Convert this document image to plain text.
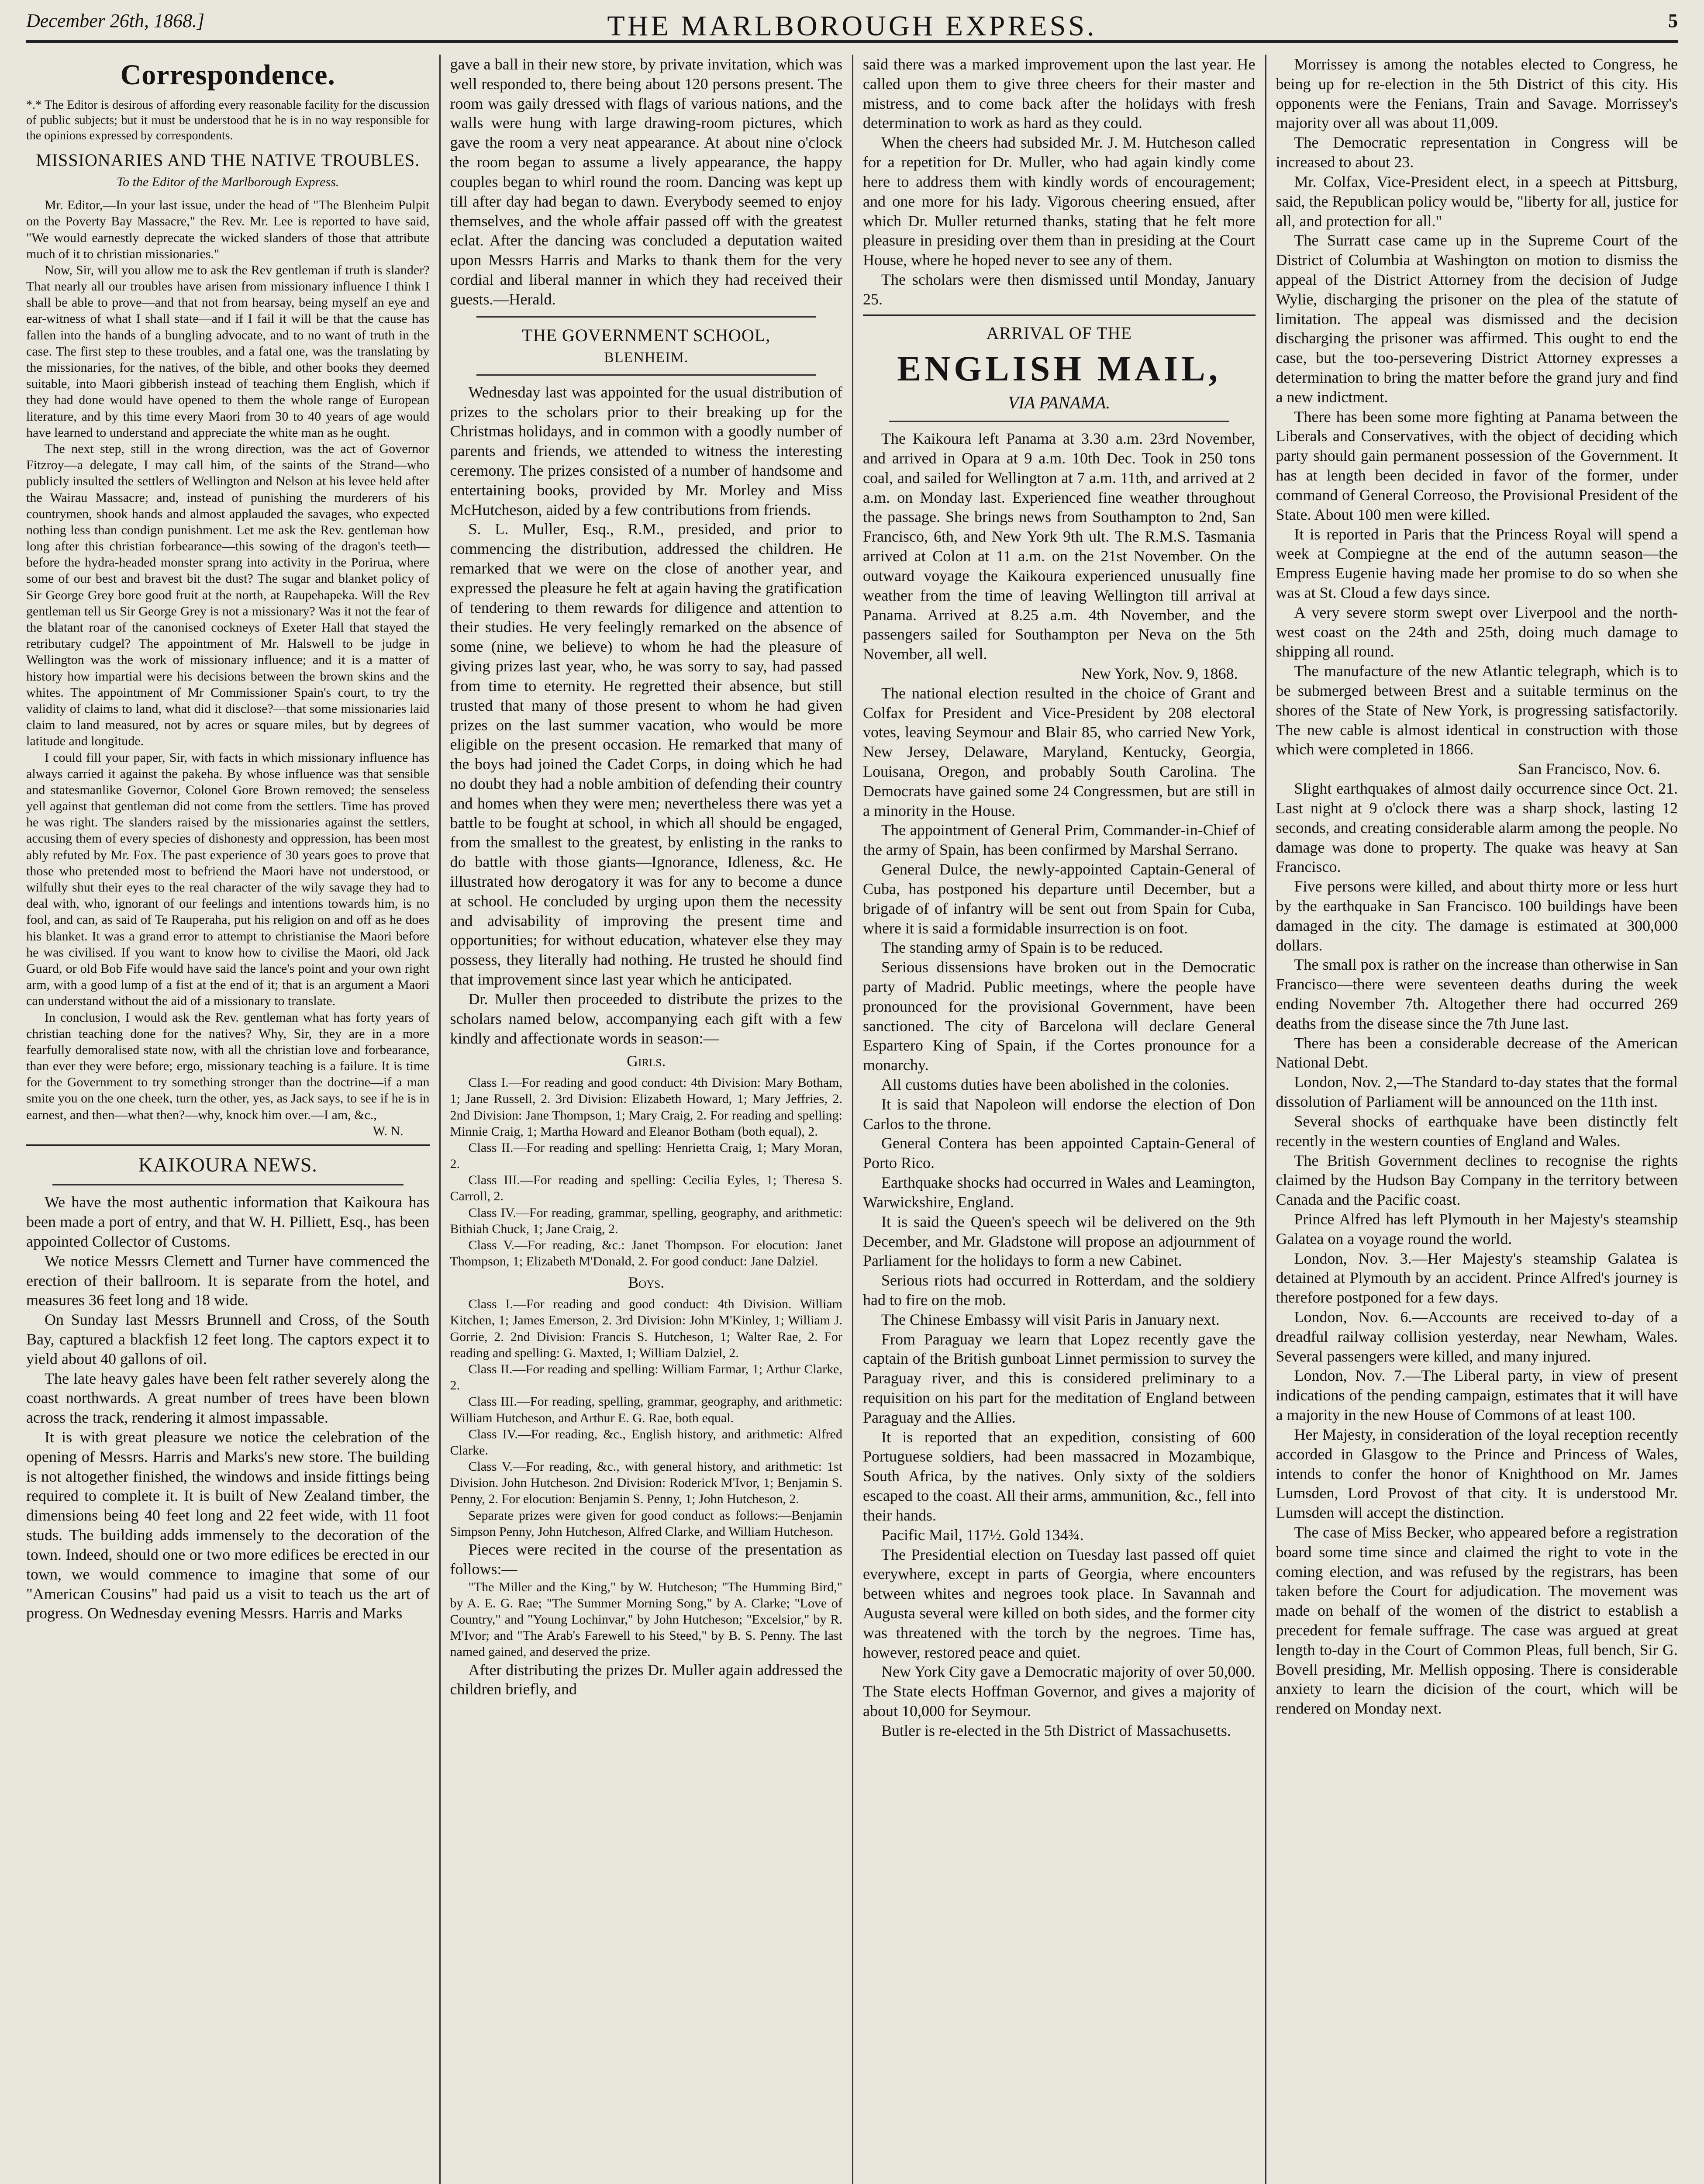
December 26th, 1868.]	THE MARLBOROUGH EXPRESS.	5
Correspondence.

*.* The Editor is desirous of affording every reasonable facility for the discussion of public subjects; but it must be understood that he is in no way responsible for the opinions expressed by correspondents.

MISSIONARIES AND THE NATIVE TROUBLES.
To the Editor of the Marlborough Express.

Mr. Editor,—In your last issue, under the head of "The Blenheim Pulpit on the Poverty Bay Massacre," the Rev. Mr. Lee is reported to have said, "We would earnestly deprecate the wicked slanders of those that attribute much of it to christian missionaries."

Now, Sir, will you allow me to ask the Rev gentleman if truth is slander? That nearly all our troubles have arisen from missionary influence I think I shall be able to prove—and that not from hearsay, being myself an eye and ear-witness of what I shall state—and if I fail it will be that the cause has fallen into the hands of a bungling advocate, and to no want of truth in the case. The first step to these troubles, and a fatal one, was the translating by the missionaries, for the natives, of the bible, and other books they deemed suitable, into Maori gibberish instead of teaching them English, which if they had done would have opened to them the whole range of European literature, and by this time every Maori from 30 to 40 years of age would have learned to understand and appreciate the white man as he ought.

The next step, still in the wrong direction, was the act of Governor Fitzroy—a delegate, I may call him, of the saints of the Strand—who publicly insulted the settlers of Wellington and Nelson at his levee held after the Wairau Massacre; and, instead of punishing the murderers of his countrymen, shook hands and almost applauded the savages, who expected nothing less than condign punishment. Let me ask the Rev. gentleman how long after this christian forbearance—this sowing of the dragon's teeth—before the hydra-headed monster sprang into activity in the Porirua, where some of our best and bravest bit the dust? The sugar and blanket policy of Sir George Grey bore good fruit at the north, at Raupehapeka. Will the Rev gentleman tell us Sir George Grey is not a missionary? Was it not the fear of the blatant roar of the canonised cockneys of Exeter Hall that stayed the retributary cudgel? The appointment of Mr. Halswell to be judge in Wellington was the work of missionary influence; and it is a matter of history how impartial were his decisions between the brown skins and the whites. The appointment of Mr Commissioner Spain's court, to try the validity of claims to land, what did it disclose?—that some missionaries laid claim to land measured, not by acres or square miles, but by degrees of latitude and longitude.

I could fill your paper, Sir, with facts in which missionary influence has always carried it against the pakeha. By whose influence was that sensible and statesmanlike Governor, Colonel Gore Brown removed; the senseless yell against that gentleman did not come from the settlers. Time has proved he was right. The slanders raised by the missionaries against the settlers, accusing them of every species of dishonesty and oppression, has been most ably refuted by Mr. Fox. The past experience of 30 years goes to prove that those who pretended most to befriend the Maori have not understood, or wilfully shut their eyes to the real character of the wily savage they had to deal with, who, ignorant of our feelings and intentions towards him, is no fool, and can, as said of Te Rauperaha, put his religion on and off as he does his blanket. It was a grand error to attempt to christianise the Maori before he was civilised. If you want to know how to civilise the Maori, old Jack Guard, or old Bob Fife would have said the lance's point and your own right arm, with a good lump of a fist at the end of it; that is an argument a Maori can understand without the aid of a missionary to translate.

In conclusion, I would ask the Rev. gentleman what has forty years of christian teaching done for the natives? Why, Sir, they are in a more fearfully demoralised state now, with all the christian love and forbearance, than ever they were before; ergo, missionary teaching is a failure. It is time for the Government to try something stronger than the doctrine—if a man smite you on the one cheek, turn the other, yes, as Jack says, to see if he is in earnest, and then—what then?—why, knock him over.—I am, &c.,

W. N.

KAIKOURA NEWS.

We have the most authentic information that Kaikoura has been made a port of entry, and that W. H. Pilliett, Esq., has been appointed Collector of Customs.

We notice Messrs Clemett and Turner have commenced the erection of their ballroom. It is separate from the hotel, and measures 36 feet long and 18 wide.

On Sunday last Messrs Brunnell and Cross, of the South Bay, captured a blackfish 12 feet long. The captors expect it to yield about 40 gallons of oil.

The late heavy gales have been felt rather severely along the coast northwards. A great number of trees have been blown across the track, rendering it almost impassable.

It is with great pleasure we notice the celebration of the opening of Messrs. Harris and Marks's new store. The building is not altogether finished, the windows and inside fittings being required to complete it. It is built of New Zealand timber, the dimensions being 40 feet long and 22 feet wide, with 11 foot studs. The building adds immensely to the decoration of the town. Indeed, should one or two more edifices be erected in our town, we would commence to imagine that some of our "American Cousins" had paid us a visit to teach us the art of progress. On Wednesday evening Messrs. Harris and Marks

gave a ball in their new store, by private invitation, which was well responded to, there being about 120 persons present. The room was gaily dressed with flags of various nations, and the walls were hung with large drawing-room pictures, which gave the room a very neat appearance. At about nine o'clock the room began to assume a lively appearance, the happy couples began to whirl round the room. Dancing was kept up till after day had began to dawn. Everybody seemed to enjoy themselves, and the whole affair passed off with the greatest eclat. After the dancing was concluded a deputation waited upon Messrs Harris and Marks to thank them for the very cordial and liberal manner in which they had received their guests.—Herald.

THE GOVERNMENT SCHOOL,
BLENHEIM.

Wednesday last was appointed for the usual distribution of prizes to the scholars prior to their breaking up for the Christmas holidays, and in common with a goodly number of parents and friends, we attended to witness the interesting ceremony. The prizes consisted of a number of handsome and entertaining books, provided by Mr. Morley and Miss McHutcheson, aided by a few contributions from friends.

S. L. Muller, Esq., R.M., presided, and prior to commencing the distribution, addressed the children. He remarked that we were on the close of another year, and expressed the pleasure he felt at again having the gratification of tendering to them rewards for diligence and attention to their studies. He very feelingly remarked on the absence of some (nine, we believe) to whom he had the pleasure of giving prizes last year, who, he was sorry to say, had passed from time to eternity. He regretted their absence, but still trusted that many of those present to whom he had given prizes on the last summer vacation, who would be more eligible on the present occasion. He remarked that many of the boys had joined the Cadet Corps, in doing which he had no doubt they had a noble ambition of defending their country and homes when they were men; nevertheless there was yet a battle to be fought at school, in which all should be engaged, from the smallest to the greatest, by enlisting in the ranks to do battle with those giants—Ignorance, Idleness, &c. He illustrated how derogatory it was for any to become a dunce at school. He concluded by urging upon them the necessity and advisability of improving the present time and opportunities; for without education, whatever else they may possess, they literally had nothing. He trusted he should find that improvement since last year which he anticipated.

Dr. Muller then proceeded to distribute the prizes to the scholars named below, accompanying each gift with a few kindly and affectionate words in season:—

Girls.

Class I.—For reading and good conduct: 4th Division: Mary Botham, 1; Jane Russell, 2. 3rd Division: Elizabeth Howard, 1; Mary Jeffries, 2. 2nd Division: Jane Thompson, 1; Mary Craig, 2. For reading and spelling: Minnie Craig, 1; Martha Howard and Eleanor Botham (both equal), 2.

Class II.—For reading and spelling: Henrietta Craig, 1; Mary Moran, 2.

Class III.—For reading and spelling: Cecilia Eyles, 1; Theresa S. Carroll, 2.

Class IV.—For reading, grammar, spelling, geography, and arithmetic: Bithiah Chuck, 1; Jane Craig, 2.

Class V.—For reading, &c.: Janet Thompson. For elocution: Janet Thompson, 1; Elizabeth M'Donald, 2. For good conduct: Jane Dalziel.

Boys.

Class I.—For reading and good conduct: 4th Division. William Kitchen, 1; James Emerson, 2. 3rd Division: John M'Kinley, 1; William J. Gorrie, 2. 2nd Division: Francis S. Hutcheson, 1; Walter Rae, 2. For reading and spelling: G. Maxted, 1; William Dalziel, 2.

Class II.—For reading and spelling: William Farmar, 1; Arthur Clarke, 2.

Class III.—For reading, spelling, grammar, geography, and arithmetic: William Hutcheson, and Arthur E. G. Rae, both equal.

Class IV.—For reading, &c., English history, and arithmetic: Alfred Clarke.

Class V.—For reading, &c., with general history, and arithmetic: 1st Division. John Hutcheson. 2nd Division: Roderick M'Ivor, 1; Benjamin S. Penny, 2. For elocution: Benjamin S. Penny, 1; John Hutcheson, 2.

Separate prizes were given for good conduct as follows:—Benjamin Simpson Penny, John Hutcheson, Alfred Clarke, and William Hutcheson.

Pieces were recited in the course of the presentation as follows:—

"The Miller and the King," by W. Hutcheson; "The Humming Bird," by A. E. G. Rae; "The Summer Morning Song," by A. Clarke; "Love of Country," and "Young Lochinvar," by John Hutcheson; "Excelsior," by R. M'Ivor; and "The Arab's Farewell to his Steed," by B. S. Penny. The last named gained, and deserved the prize.

After distributing the prizes Dr. Muller again addressed the children briefly, and

said there was a marked improvement upon the last year. He called upon them to give three cheers for their master and mistress, and to come back after the holidays with fresh determination to work as hard as they could.

When the cheers had subsided Mr. J. M. Hutcheson called for a repetition for Dr. Muller, who had again kindly come here to address them with kindly words of encouragement; and one more for his lady. Vigorous cheering ensued, after which Dr. Muller returned thanks, stating that he felt more pleasure in presiding over them than in presiding at the Court House, where he hoped never to see any of them.

The scholars were then dismissed until Monday, January 25.

ARRIVAL OF THE
ENGLISH MAIL,
VIA PANAMA.

The Kaikoura left Panama at 3.30 a.m. 23rd November, and arrived in Opara at 9 a.m. 10th Dec. Took in 250 tons coal, and sailed for Wellington at 7 a.m. 11th, and arrived at 2 a.m. on Monday last. Experienced fine weather throughout the passage. She brings news from Southampton to 2nd, San Francisco, 6th, and New York 9th ult. The R.M.S. Tasmania arrived at Colon at 11 a.m. on the 21st November. On the outward voyage the Kaikoura experienced unusually fine weather from the time of leaving Wellington till arrival at Panama. Arrived at 8.25 a.m. 4th November, and the passengers sailed for Southampton per Neva on the 5th November, all well.

New York, Nov. 9, 1868.

The national election resulted in the choice of Grant and Colfax for President and Vice-President by 208 electoral votes, leaving Seymour and Blair 85, who carried New York, New Jersey, Delaware, Maryland, Kentucky, Georgia, Louisana, Oregon, and probably South Carolina. The Democrats have gained some 24 Congressmen, but are still in a minority in the House.

The appointment of General Prim, Commander-in-Chief of the army of Spain, has been confirmed by Marshal Serrano.

General Dulce, the newly-appointed Captain-General of Cuba, has postponed his departure until December, but a brigade of of infantry will be sent out from Spain for Cuba, where it is said a formidable insurrection is on foot.

The standing army of Spain is to be reduced.

Serious dissensions have broken out in the Democratic party of Madrid. Public meetings, where the people have pronounced for the provisional Government, have been sanctioned. The city of Barcelona will declare General Espartero King of Spain, if the Cortes pronounce for a monarchy.

All customs duties have been abolished in the colonies.

It is said that Napoleon will endorse the election of Don Carlos to the throne.

General Contera has been appointed Captain-General of Porto Rico.

Earthquake shocks had occurred in Wales and Leamington, Warwickshire, England.

It is said the Queen's speech wil be delivered on the 9th December, and Mr. Gladstone will propose an adjournment of Parliament for the holidays to form a new Cabinet.

Serious riots had occurred in Rotterdam, and the soldiery had to fire on the mob.

The Chinese Embassy will visit Paris in January next.

From Paraguay we learn that Lopez recently gave the captain of the British gunboat Linnet permission to survey the Paraguay river, and this is considered preliminary to a requisition on his part for the meditation of England between Paraguay and the Allies.

It is reported that an expedition, consisting of 600 Portuguese soldiers, had been massacred in Mozambique, South Africa, by the natives. Only sixty of the soldiers escaped to the coast. All their arms, ammunition, &c., fell into their hands.

Pacific Mail, 117½. Gold 134¾.

The Presidential election on Tuesday last passed off quiet everywhere, except in parts of Georgia, where encounters between whites and negroes took place. In Savannah and Augusta several were killed on both sides, and the former city was threatened with the torch by the negroes. Time has, however, restored peace and quiet.

New York City gave a Democratic majority of over 50,000. The State elects Hoffman Governor, and gives a majority of about 10,000 for Seymour.

Butler is re-elected in the 5th District of Massachusetts.

Morrissey is among the notables elected to Congress, he being up for re-election in the 5th District of this city. His opponents were the Fenians, Train and Savage. Morrissey's majority over all was about 11,009.

The Democratic representation in Congress will be increased to about 23.

Mr. Colfax, Vice-President elect, in a speech at Pittsburg, said, the Republican policy would be, "liberty for all, justice for all, and protection for all."

The Surratt case came up in the Supreme Court of the District of Columbia at Washington on motion to dismiss the appeal of the District Attorney from the decision of Judge Wylie, discharging the prisoner on the plea of the statute of limitation. The appeal was dismissed and the decision discharging the prisoner was affirmed. This ought to end the case, but the too-persevering District Attorney expresses a determination to bring the matter before the grand jury and find a new indictment.

There has been some more fighting at Panama between the Liberals and Conservatives, with the object of deciding which party should gain permanent possession of the Government. It has at length been decided in favor of the former, under command of General Correoso, the Provisional President of the State. About 100 men were killed.

It is reported in Paris that the Princess Royal will spend a week at Compiegne at the end of the autumn season—the Empress Eugenie having made her promise to do so when she was at St. Cloud a few days since.

A very severe storm swept over Liverpool and the north-west coast on the 24th and 25th, doing much damage to shipping all round.

The manufacture of the new Atlantic telegraph, which is to be submerged between Brest and a suitable terminus on the shores of the State of New York, is progressing satisfactorily. The new cable is almost identical in construction with those which were completed in 1866.

San Francisco, Nov. 6.

Slight earthquakes of almost daily occurrence since Oct. 21. Last night at 9 o'clock there was a sharp shock, lasting 12 seconds, and creating considerable alarm among the people. No damage was done to property. The quake was heavy at San Francisco.

Five persons were killed, and about thirty more or less hurt by the earthquake in San Francisco. 100 buildings have been damaged in the city. The damage is estimated at 300,000 dollars.

The small pox is rather on the increase than otherwise in San Francisco—there were seventeen deaths during the week ending November 7th. Altogether there had occurred 269 deaths from the disease since the 7th June last.

There has been a considerable decrease of the American National Debt.

London, Nov. 2,—The Standard to-day states that the formal dissolution of Parliament will be announced on the 11th inst.

Several shocks of earthquake have been distinctly felt recently in the western counties of England and Wales.

The British Government declines to recognise the rights claimed by the Hudson Bay Company in the territory between Canada and the Pacific coast.

Prince Alfred has left Plymouth in her Majesty's steamship Galatea on a voyage round the world.

London, Nov. 3.—Her Majesty's steamship Galatea is detained at Plymouth by an accident. Prince Alfred's journey is therefore postponed for a few days.

London, Nov. 6.—Accounts are received to-day of a dreadful railway collision yesterday, near Newham, Wales. Several passengers were killed, and many injured.

London, Nov. 7.—The Liberal party, in view of present indications of the pending campaign, estimates that it will have a majority in the new House of Commons of at least 100.

Her Majesty, in consideration of the loyal reception recently accorded in Glasgow to the Prince and Princess of Wales, intends to confer the honor of Knighthood on Mr. James Lumsden, Lord Provost of that city. It is understood Mr. Lumsden will accept the distinction.

The case of Miss Becker, who appeared before a registration board some time since and claimed the right to vote in the coming election, and was refused by the registrars, has been taken before the Court for adjudication. The movement was made on behalf of the women of the district to establish a precedent for female suffrage. The case was argued at great length to-day in the Court of Common Pleas, full bench, Sir G. Bovell presiding, Mr. Mellish opposing. There is considerable anxiety to learn the dicision of the court, which will be rendered on Monday next.
